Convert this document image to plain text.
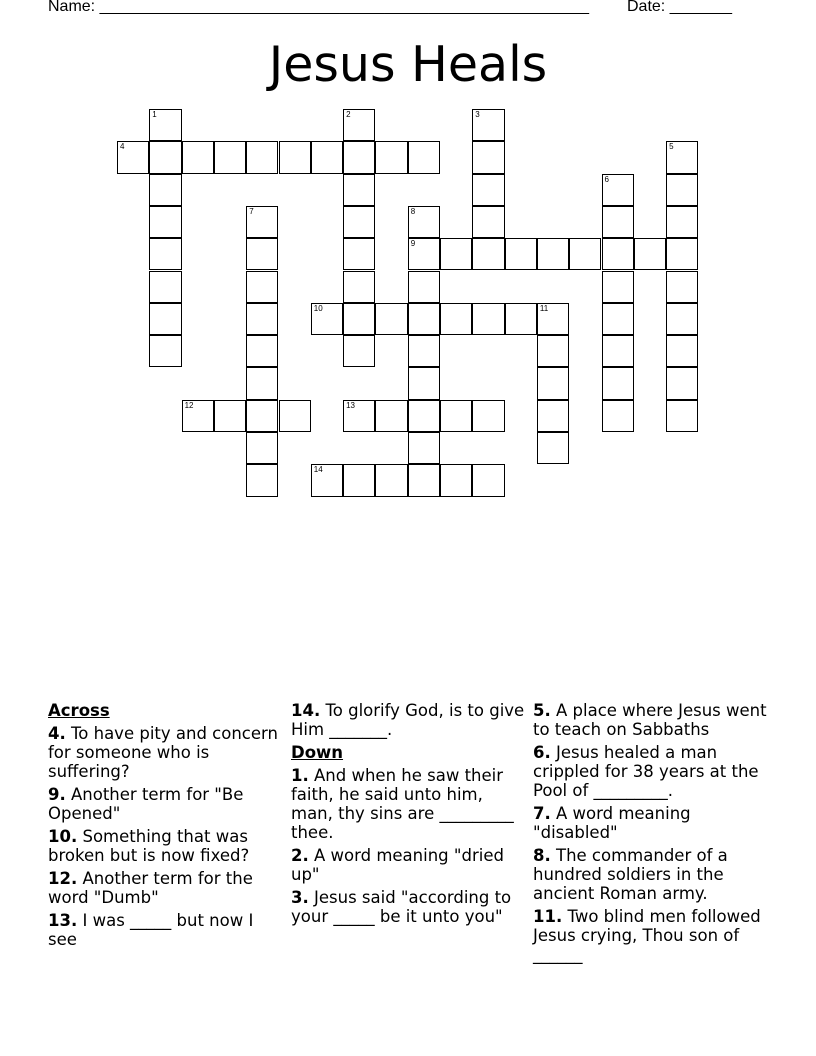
Name: _______________________________________________________ Date: _______
Jesus Heals
1	2	3
4	5
6
7	8
9
10	11
12	13
14
Across
4. To have pity and concern for someone who is suffering?
9. Another term for "Be Opened"
10. Something that was broken but is now fixed?
12. Another term for the word "Dumb"
13. I was _____ but now I see
14. To glorify God, is to give Him _______.
Down
1. And when he saw their faith, he said unto him, man, thy sins are _________ thee.
2. A word meaning "dried up"
3. Jesus said "according to your _____ be it unto you"
5. A place where Jesus went to teach on Sabbaths
6. Jesus healed a man crippled for 38 years at the Pool of _________.
7. A word meaning "disabled"
8. The commander of a hundred soldiers in the ancient Roman army.
11. Two blind men followed Jesus crying, Thou son of ______
